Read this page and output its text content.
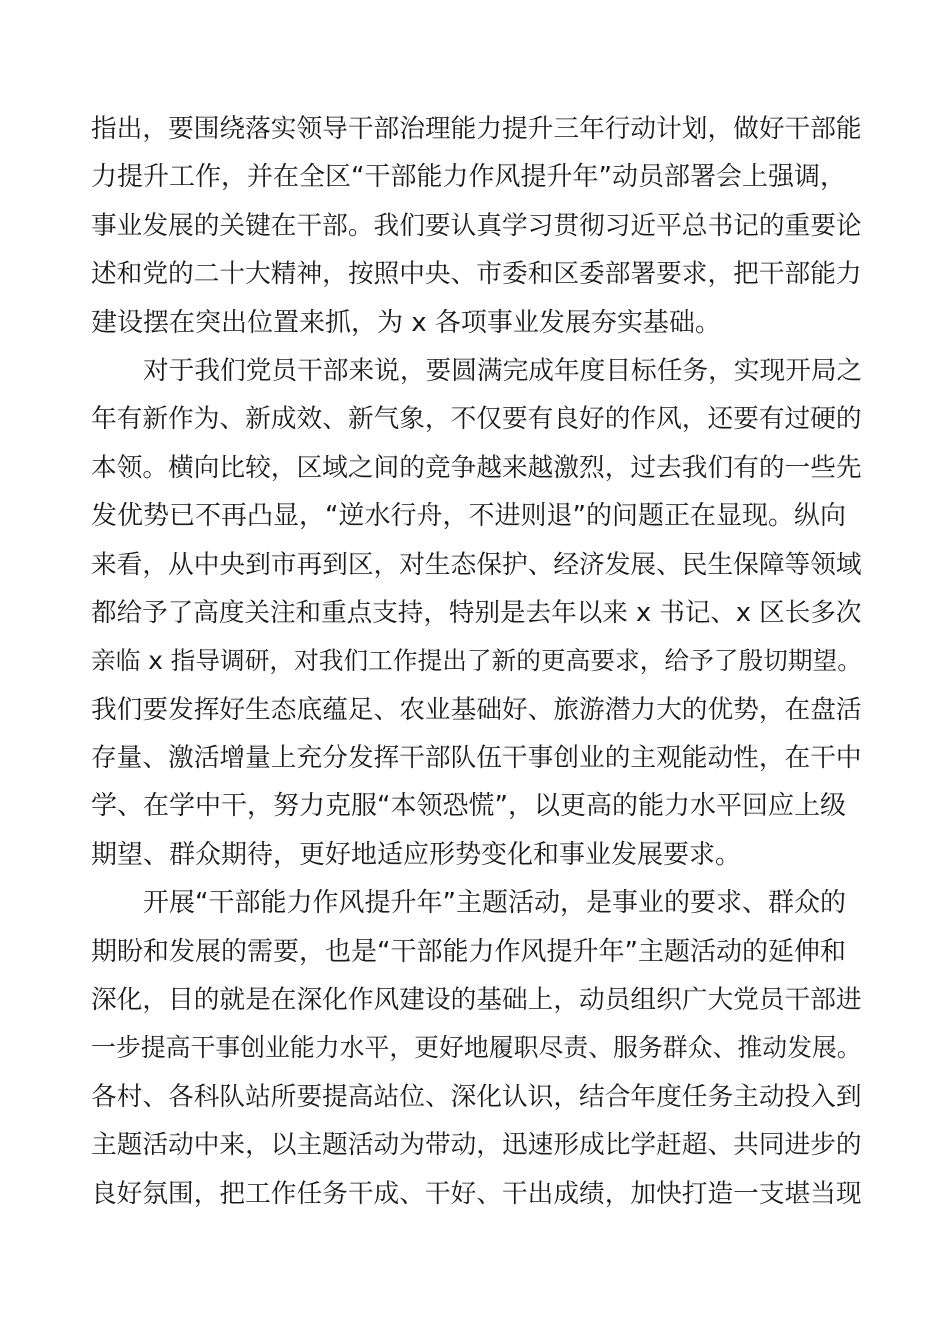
指出，要围绕落实领导干部治理能力提升三年行动计划，做好干部能
力提升工作，并在全区“干部能力作风提升年”动员部署会上强调，
事业发展的关键在干部。我们要认真学习贯彻习近平总书记的重要论
述和党的二十大精神，按照中央、市委和区委部署要求，把干部能力
建设摆在突出位置来抓，为 x 各项事业发展夯实基础。
对于我们党员干部来说，要圆满完成年度目标任务，实现开局之
年有新作为、新成效、新气象，不仅要有良好的作风，还要有过硬的
本领。横向比较，区域之间的竞争越来越激烈，过去我们有的一些先
发优势已不再凸显，“逆水行舟，不进则退”的问题正在显现。纵向
来看，从中央到市再到区，对生态保护、经济发展、民生保障等领域
都给予了高度关注和重点支持，特别是去年以来 x 书记、x 区长多次
亲临 x 指导调研，对我们工作提出了新的更高要求，给予了殷切期望。
我们要发挥好生态底蕴足、农业基础好、旅游潜力大的优势，在盘活
存量、激活增量上充分发挥干部队伍干事创业的主观能动性，在干中
学、在学中干，努力克服“本领恐慌”，以更高的能力水平回应上级
期望、群众期待，更好地适应形势变化和事业发展要求。
开展“干部能力作风提升年”主题活动，是事业的要求、群众的
期盼和发展的需要，也是“干部能力作风提升年”主题活动的延伸和
深化，目的就是在深化作风建设的基础上，动员组织广大党员干部进
一步提高干事创业能力水平，更好地履职尽责、服务群众、推动发展。
各村、各科队站所要提高站位、深化认识，结合年度任务主动投入到
主题活动中来，以主题活动为带动，迅速形成比学赶超、共同进步的
良好氛围，把工作任务干成、干好、干出成绩，加快打造一支堪当现
